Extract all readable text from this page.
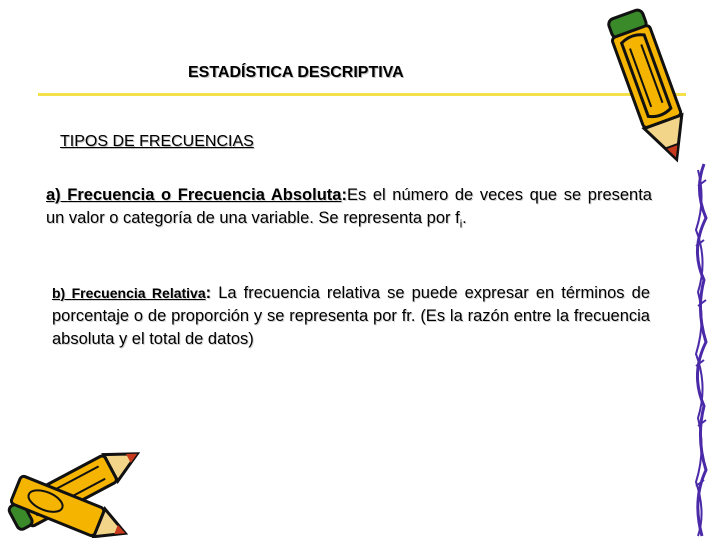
ESTADÍSTICA DESCRIPTIVA
TIPOS DE FRECUENCIAS
a) Frecuencia o Frecuencia Absoluta:Es el número de veces que se presenta un valor o categoría de una variable. Se representa por $f_i$.
b) Frecuencia Relativa: La frecuencia relativa se puede expresar en términos de porcentaje o de proporción y se representa por fr. (Es la razón entre la frecuencia absoluta y el total de datos)
